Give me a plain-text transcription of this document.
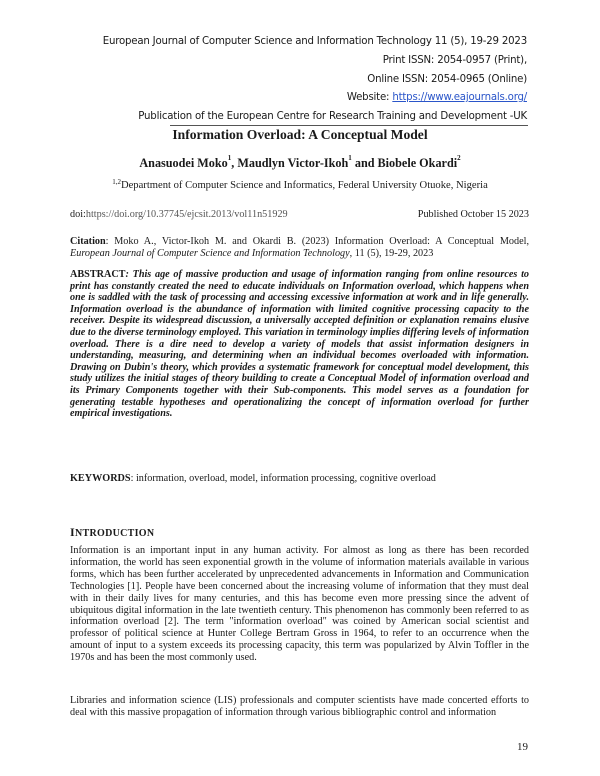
European Journal of Computer Science and Information Technology 11 (5), 19-29 2023
Print ISSN: 2054-0957 (Print),
Online ISSN: 2054-0965 (Online)
Website: https://www.eajournals.org/
Publication of the European Centre for Research Training and Development -UK
Information Overload: A Conceptual Model
Anasuodei Moko$^1$, Maudlyn Victor-Ikoh$^1$ and Biobele Okardi$^2$
$^{1,2}$Department of Computer Science and Informatics, Federal University Otuoke, Nigeria
doi:https://doi.org/10.37745/ejcsit.2013/vol11n51929	Published October 15 2023
Citation: Moko A., Victor-Ikoh M. and Okardi B. (2023) Information Overload: A Conceptual Model, European Journal of Computer Science and Information Technology, 11 (5), 19-29, 2023
ABSTRACT: This age of massive production and usage of information ranging from online resources to print has constantly created the need to educate individuals on Information overload, which happens when one is saddled with the task of processing and accessing excessive information at work and in life generally. Information overload is the abundance of information with limited cognitive processing capacity to the receiver. Despite its widespread discussion, a universally accepted definition or explanation remains elusive due to the diverse terminology employed. This variation in terminology implies differing levels of information overload. There is a dire need to develop a variety of models that assist information designers in understanding, measuring, and determining when an individual becomes overloaded with information. Drawing on Dubin's theory, which provides a systematic framework for conceptual model development, this study utilizes the initial stages of theory building to create a Conceptual Model of information overload and its Primary Components together with their Sub-components. This model serves as a foundation for generating testable hypotheses and operationalizing the concept of information overload for further empirical investigations.
KEYWORDS: information, overload, model, information processing, cognitive overload
INTRODUCTION
Information is an important input in any human activity. For almost as long as there has been recorded information, the world has seen exponential growth in the volume of information materials available in various forms, which has been further accelerated by unprecedented advancements in Information and Communication Technologies [1]. People have been concerned about the increasing volume of information that they must deal with in their daily lives for many centuries, and this has become even more pressing since the advent of ubiquitous digital information in the late twentieth century. This phenomenon has commonly been referred to as information overload [2]. The term "information overload" was coined by American social scientist and professor of political science at Hunter College Bertram Gross in 1964, to refer to an occurrence when the amount of input to a system exceeds its processing capacity, this term was popularized by Alvin Toffler in the 1970s and has been the most commonly used.
Libraries and information science (LIS) professionals and computer scientists have made concerted efforts to deal with this massive propagation of information through various bibliographic control and information
19
